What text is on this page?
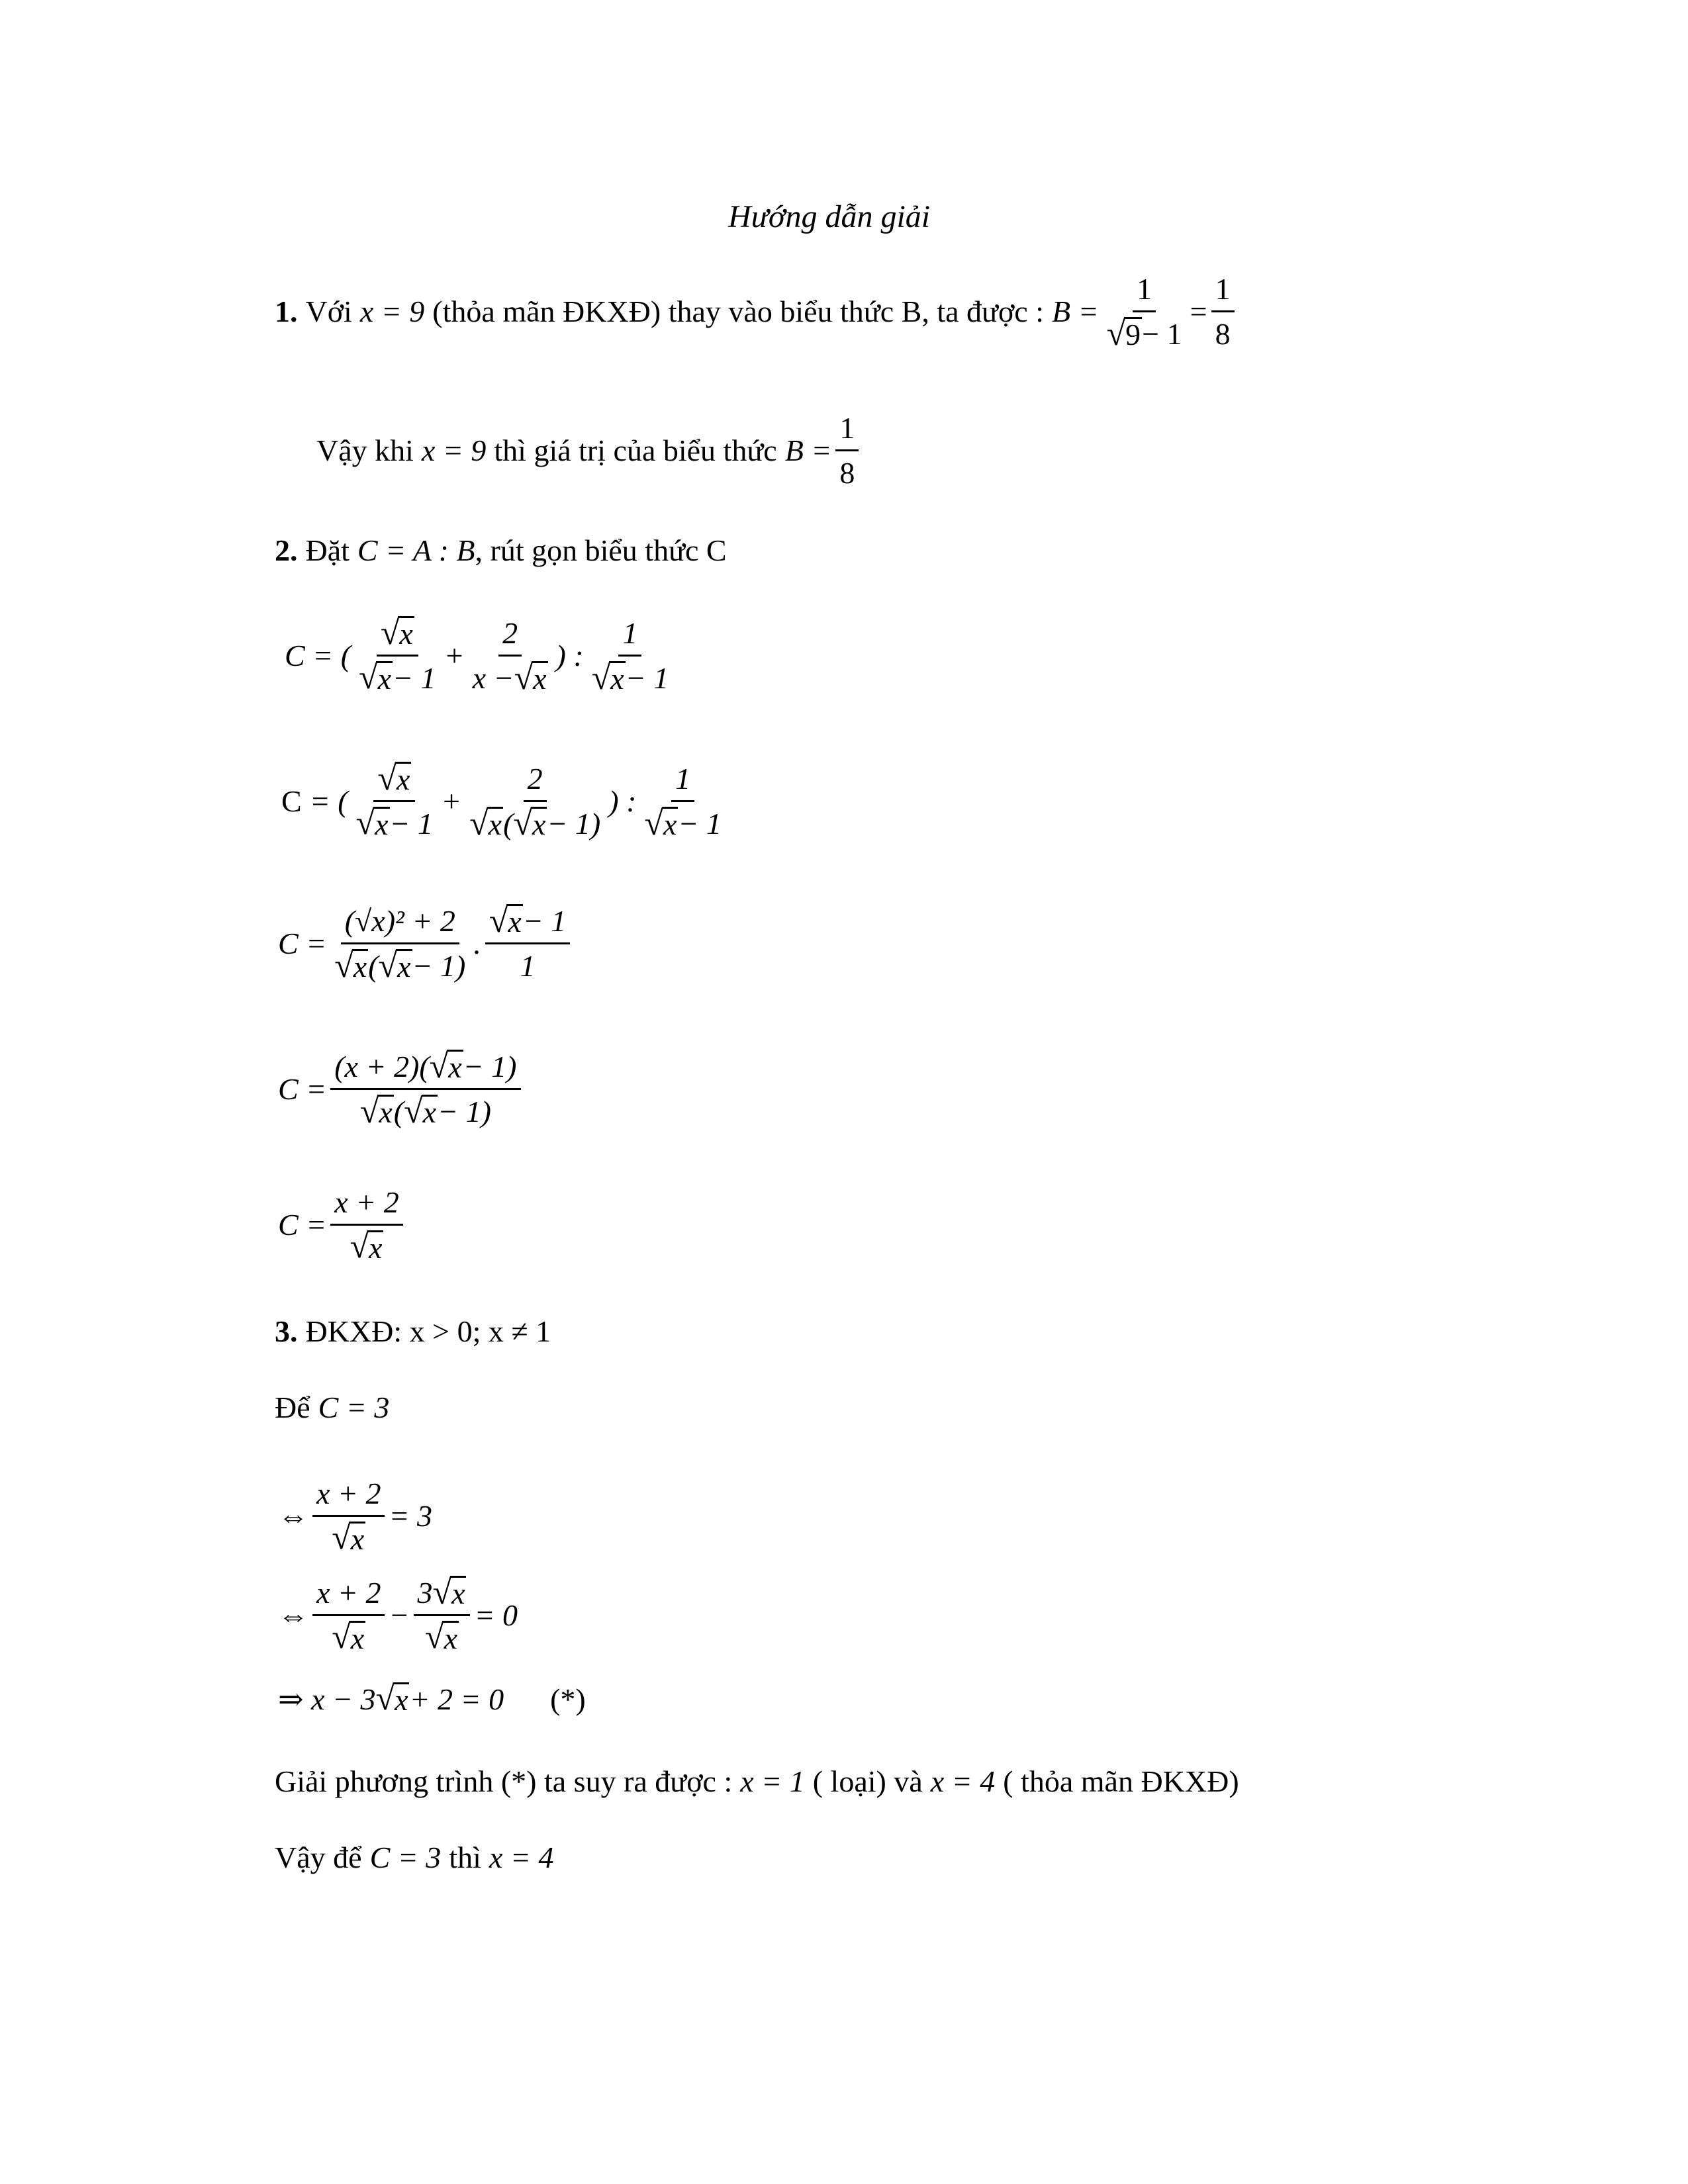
Hướng dẫn giải
1. Với x = 9 (thỏa mãn ĐKXĐ) thay vào biểu thức B, ta được : $B = \frac{1}{√ 9 - 1} = \frac{1}{8}$
Vậy khi x = 9 thì giá trị của biểu thức $B = \frac{1}{8}$
2. Đặt C = A : B , rút gọn biểu thức C
C = ( $\frac{√ x}{√ x - 1} + \frac{2}{x - √ x}$ ) : $\frac{1}{√ x - 1}$
C = ( $\frac{√ x}{√ x - 1} + \frac{2}{√ x ( √ x - 1 )}$ ) : $\frac{1}{√ x - 1}$
$C = \frac{\text{(√x)² + 2}}{√ x ( √ x - 1 )}$ . $\frac{√ x - 1}{1}$
$C = \frac{(x + 2)( √ x - 1 )}{√ x ( √ x - 1 )}$
$C = \frac{x + 2}{√ x}$
3. ĐKXĐ: x > 0; x ≠ 1
Để C = 3
⇔ $\frac{x + 2}{√ x} = 3$
⇔ $\frac{x + 2}{√ x} - \frac{3 √ x}{√ x} = 0$
⇒ x − 3 √ x + 2 = 0 (*)
Giải phương trình (*) ta suy ra được : x = 1 ( loại) và x = 4 ( thỏa mãn ĐKXĐ)
Vậy để C = 3 thì x = 4
